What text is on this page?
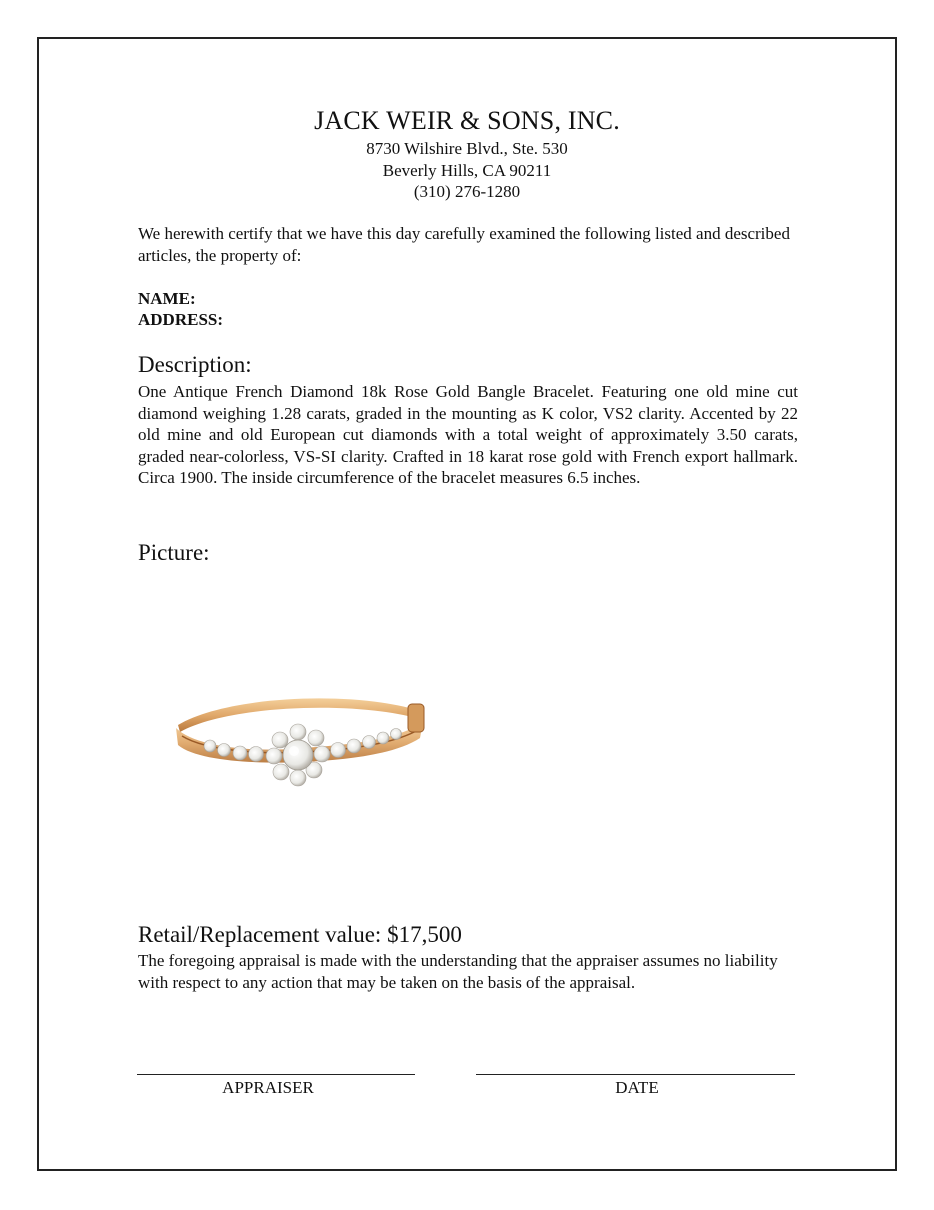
JACK WEIR & SONS, INC.
8730 Wilshire Blvd., Ste. 530
Beverly Hills, CA 90211
(310) 276-1280
We herewith certify that we have this day carefully examined the following listed and described articles, the property of:
NAME:
ADDRESS:
Description:
One Antique French Diamond 18k Rose Gold Bangle Bracelet. Featuring one old mine cut diamond weighing 1.28 carats, graded in the mounting as K color, VS2 clarity. Accented by 22 old mine and old European cut diamonds with a total weight of approximately 3.50 carats, graded near-colorless, VS-SI clarity. Crafted in 18 karat rose gold with French export hallmark. Circa 1900. The inside circumference of the bracelet measures 6.5 inches.
Picture:
Retail/Replacement value: $17,500
The foregoing appraisal is made with the understanding that the appraiser assumes no liability with respect to any action that may be taken on the basis of the appraisal.
APPRAISER	DATE
